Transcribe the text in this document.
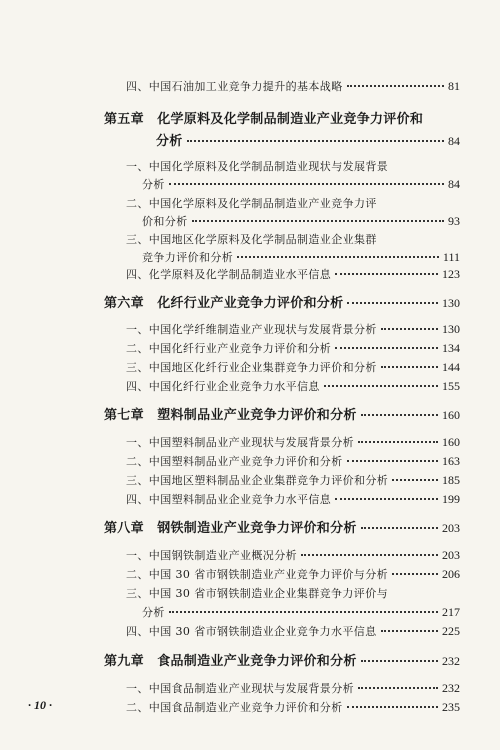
四、中国石油加工业竞争力提升的基本战略	81
第五章　化学原料及化学制品制造业产业竞争力评价和
分析	84
一、中国化学原料及化学制品制造业现状与发展背景
分析	84
二、中国化学原料及化学制品制造业产业竞争力评
价和分析	93
三、中国地区化学原料及化学制品制造业企业集群
竞争力评价和分析	111
四、化学原料及化学制品制造业水平信息	123
第六章　化纤行业产业竞争力评价和分析	130
一、中国化学纤维制造业产业现状与发展背景分析	130
二、中国化纤行业产业竞争力评价和分析	134
三、中国地区化纤行业企业集群竞争力评价和分析	144
四、中国化纤行业企业竞争力水平信息	155
第七章　塑料制品业产业竞争力评价和分析	160
一、中国塑料制品业产业现状与发展背景分析	160
二、中国塑料制品业产业竞争力评价和分析	163
三、中国地区塑料制品业企业集群竞争力评价和分析	185
四、中国塑料制品业企业竞争力水平信息	199
第八章　钢铁制造业产业竞争力评价和分析	203
一、中国钢铁制造业产业概况分析	203
二、中国 30 省市钢铁制造业产业竞争力评价与分析	206
三、中国 30 省市钢铁制造业企业集群竞争力评价与
分析	217
四、中国 30 省市钢铁制造业企业竞争力水平信息	225
第九章　食品制造业产业竞争力评价和分析	232
一、中国食品制造业产业现状与发展背景分析	232
二、中国食品制造业产业竞争力评价和分析	235
· 10 ·
